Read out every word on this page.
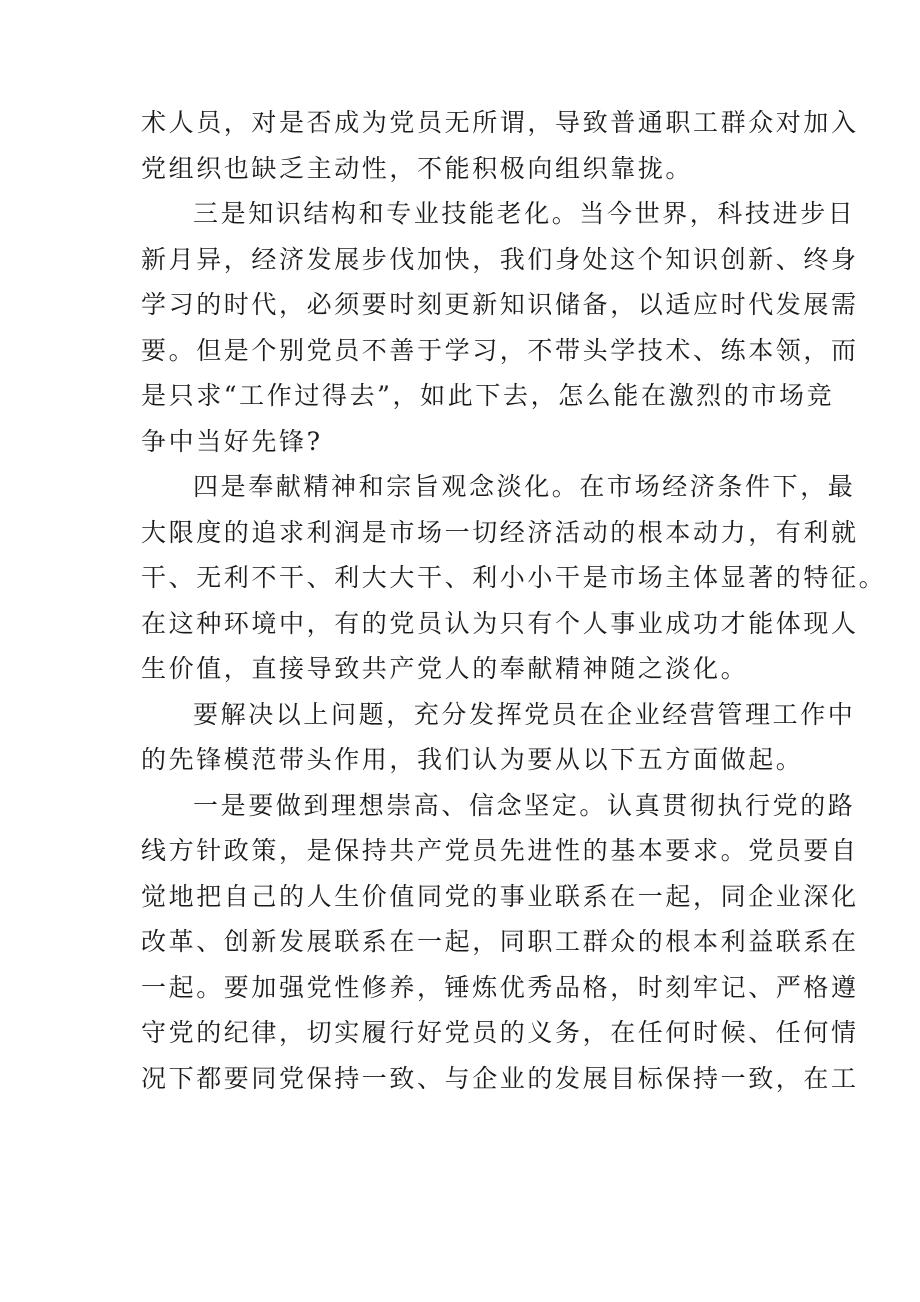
术人员，对是否成为党员无所谓，导致普通职工群众对加入
党组织也缺乏主动性，不能积极向组织靠拢。
三是知识结构和专业技能老化。当今世界，科技进步日
新月异，经济发展步伐加快，我们身处这个知识创新、终身
学习的时代，必须要时刻更新知识储备，以适应时代发展需
要。但是个别党员不善于学习，不带头学技术、练本领，而
是只求“工作过得去”，如此下去，怎么能在激烈的市场竞
争中当好先锋?
四是奉献精神和宗旨观念淡化。在市场经济条件下，最
大限度的追求利润是市场一切经济活动的根本动力，有利就
干、无利不干、利大大干、利小小干是市场主体显著的特征。
在这种环境中，有的党员认为只有个人事业成功才能体现人
生价值，直接导致共产党人的奉献精神随之淡化。
要解决以上问题，充分发挥党员在企业经营管理工作中
的先锋模范带头作用，我们认为要从以下五方面做起。
一是要做到理想崇高、信念坚定。认真贯彻执行党的路
线方针政策，是保持共产党员先进性的基本要求。党员要自
觉地把自己的人生价值同党的事业联系在一起，同企业深化
改革、创新发展联系在一起，同职工群众的根本利益联系在
一起。要加强党性修养，锤炼优秀品格，时刻牢记、严格遵
守党的纪律，切实履行好党员的义务，在任何时候、任何情
况下都要同党保持一致、与企业的发展目标保持一致，在工
